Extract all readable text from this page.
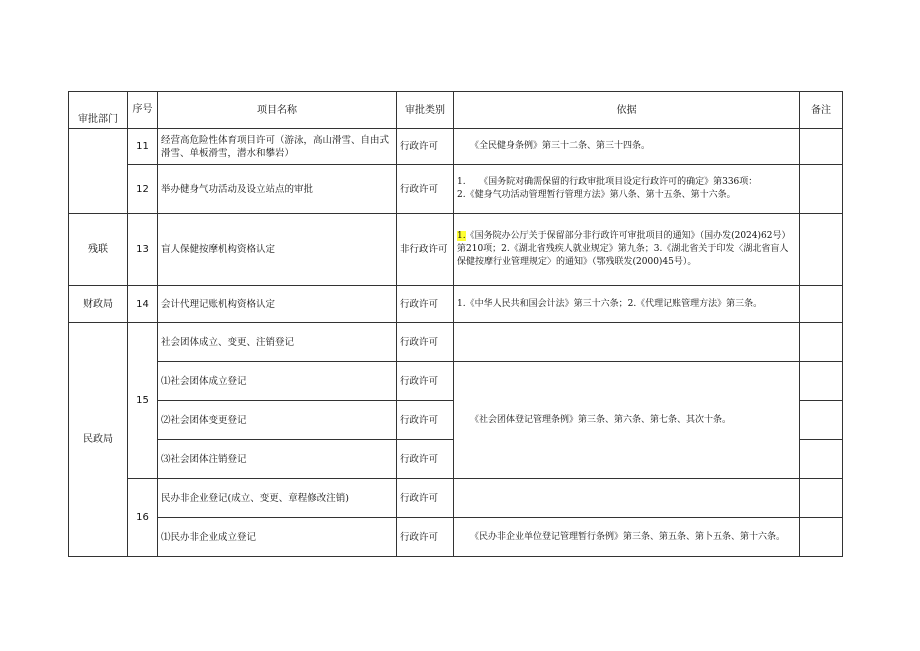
审批部门	序号	项目名称	审批类别	依据	备注
	11	经营高危险性体育项目许可（游泳，高山滑雪、自由式滑雪、单板滑雪，潜水和攀岩）	行政许可	《全民健身条例》第三十二条、第三十四条。	
	12	举办健身气功活动及设立站点的审批	行政许可	1.　　《国务院对确需保留的行政审批项目设定行政许可的确定》第336项：
2.《健身气功活动管理暂行管理方法》第八条、第十五条、第十六条。	

残联	13	盲人保健按摩机构资格认定	非行政许可	1.《国务院办公厅关于保留部分非行政许可审批项目的通知》（国办发(2024)62号）第210项；2.《湖北省残疾人就业规定》第九条；3.《湖北省关于印发〈湖北省盲人保健按摩行业管理规定〉的通知》（鄂残联发(2000)45号）。	
财政局	14	会计代理记账机构资格认定	行政许可	1.《中华人民共和国会计法》第三十六条；2.《代理记账管理方法》第三条。	
民政局	15	社会团体成立、变更、注销登记	行政许可		
		⑴社会团体成立登记	行政许可	《社会团体登记管理条例》第三条、第六条、第七条、其次十条。	
		⑵社会团体变更登记	行政许可		
		⑶社会团体注销登记	行政许可		
	16	民办非企业登记(成立、变更、章程修改注销)	行政许可		
		⑴民办非企业成立登记	行政许可	《民办非企业单位登记管理暂行条例》第三条、第五条、第卜五条、第十六条。	
